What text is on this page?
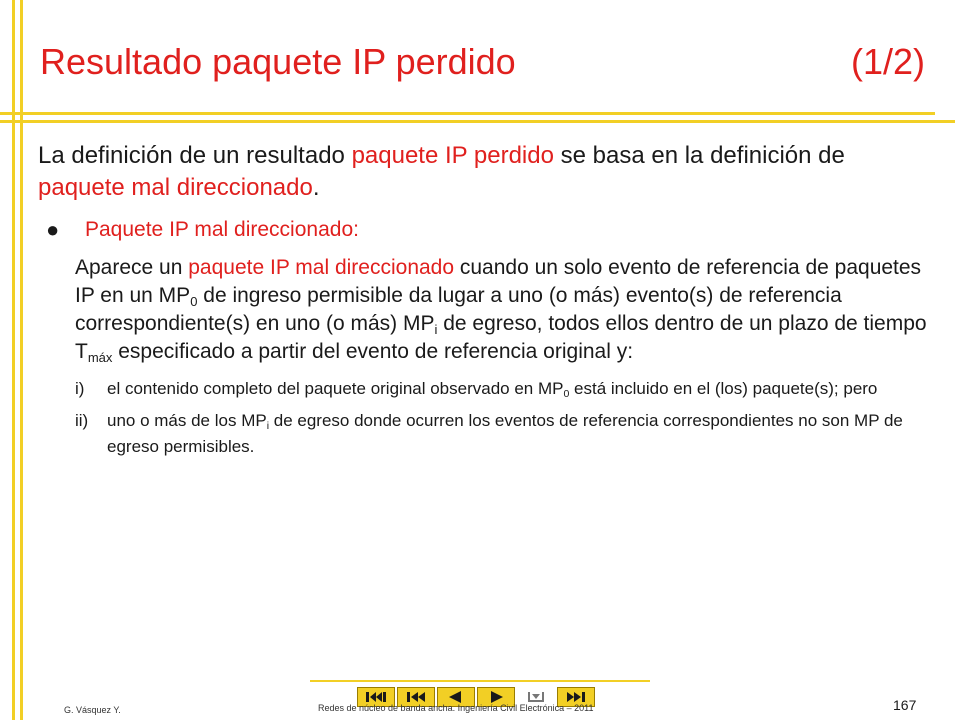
Resultado paquete IP perdido	(1/2)

La definición de un resultado paquete IP perdido se basa en la definición de paquete mal direccionado.

● Paquete IP mal direccionado:
Aparece un paquete IP mal direccionado cuando un solo evento de referencia de paquetes IP en un $MP_0$ de ingreso permisible da lugar a uno (o más) evento(s) de referencia correspondiente(s) en uno (o más) $MP_i$ de egreso, todos ellos dentro de un plazo de tiempo $T_{máx}$ especificado a partir del evento de referencia original y:
i)	el contenido completo del paquete original observado en $MP_0$ está incluido en el (los) paquete(s); pero
ii)	uno o más de los $MP_i$ de egreso donde ocurren los eventos de referencia correspondientes no son MP de egreso permisibles.
G. Vásquez Y.	Redes de núcleo de banda ancha. Ingeniería Civil Electrónica – 2011	167
